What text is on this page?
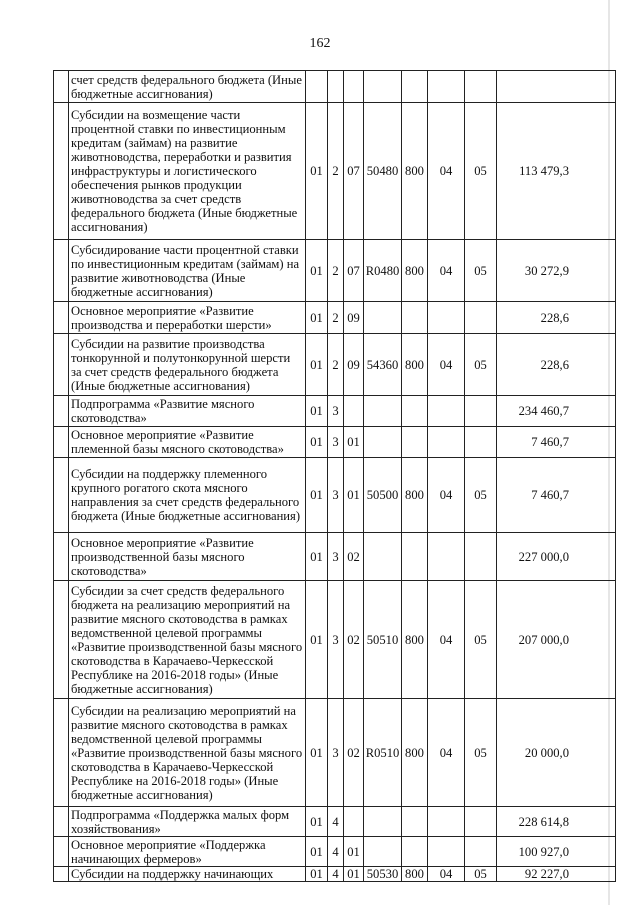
162
	счет средств федерального бюджета (Иные бюджетные ассигнования)								
	Субсидии на возмещение части процентной ставки по инвестиционным кредитам (займам) на развитие животноводства, переработки и развития инфраструктуры и логистического обеспечения рынков продукции животноводства за счет средств федерального бюджета (Иные бюджетные ассигнования)	01	2	07	50480	800	04	05	113 479,3
	Субсидирование части процентной ставки по инвестиционным кредитам (займам) на развитие животноводства (Иные бюджетные ассигнования)	01	2	07	R0480	800	04	05	30 272,9
	Основное мероприятие «Развитие производства и переработки шерсти»	01	2	09					228,6
	Субсидии на развитие производства тонкорунной и полутонкорунной шерсти за счет средств федерального бюджета (Иные бюджетные ассигнования)	01	2	09	54360	800	04	05	228,6
	Подпрограмма «Развитие мясного скотоводства»	01	3						234 460,7
	Основное мероприятие «Развитие племенной базы мясного скотоводства»	01	3	01					7 460,7
	Субсидии на поддержку племенного крупного рогатого скота мясного направления за счет средств федерального бюджета (Иные бюджетные ассигнования)	01	3	01	50500	800	04	05	7 460,7
	Основное мероприятие «Развитие производственной базы мясного скотоводства»	01	3	02					227 000,0
	Субсидии за счет средств федерального бюджета на реализацию мероприятий на развитие мясного скотоводства в рамках ведомственной целевой программы «Развитие производственной базы мясного скотоводства в Карачаево-Черкесской Республике на 2016-2018 годы» (Иные бюджетные ассигнования)	01	3	02	50510	800	04	05	207 000,0
	Субсидии на реализацию мероприятий на развитие мясного скотоводства в рамках ведомственной целевой программы «Развитие производственной базы мясного скотоводства в Карачаево-Черкесской Республике на 2016-2018 годы» (Иные бюджетные ассигнования)	01	3	02	R0510	800	04	05	20 000,0
	Подпрограмма «Поддержка малых форм хозяйствования»	01	4						228 614,8
	Основное мероприятие «Поддержка начинающих фермеров»	01	4	01					100 927,0
	Субсидии на поддержку начинающих	01	4	01	50530	800	04	05	92 227,0
